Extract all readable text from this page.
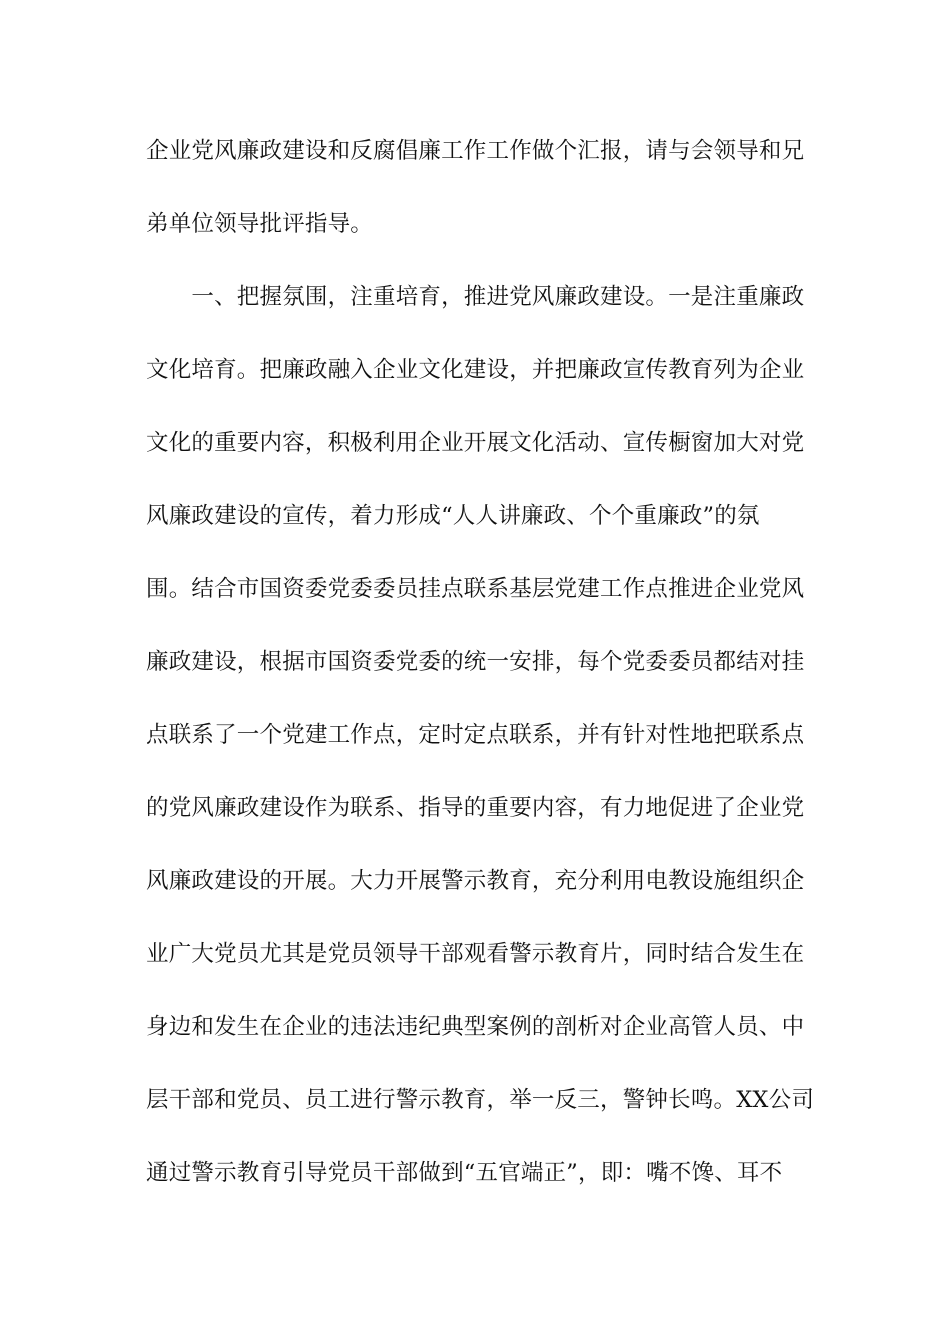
企业党风廉政建设和反腐倡廉工作工作做个汇报，请与会领导和兄
弟单位领导批评指导。
　　一、把握氛围，注重培育，推进党风廉政建设。一是注重廉政
文化培育。把廉政融入企业文化建设，并把廉政宣传教育列为企业
文化的重要内容，积极利用企业开展文化活动、宣传橱窗加大对党
风廉政建设的宣传，着力形成“人人讲廉政、个个重廉政”的氛
围。结合市国资委党委委员挂点联系基层党建工作点推进企业党风
廉政建设，根据市国资委党委的统一安排，每个党委委员都结对挂
点联系了一个党建工作点，定时定点联系，并有针对性地把联系点
的党风廉政建设作为联系、指导的重要内容，有力地促进了企业党
风廉政建设的开展。大力开展警示教育，充分利用电教设施组织企
业广大党员尤其是党员领导干部观看警示教育片，同时结合发生在
身边和发生在企业的违法违纪典型案例的剖析对企业高管人员、中
层干部和党员、员工进行警示教育，举一反三，警钟长鸣。XX公司
通过警示教育引导党员干部做到“五官端正”，即：嘴不馋、耳不
